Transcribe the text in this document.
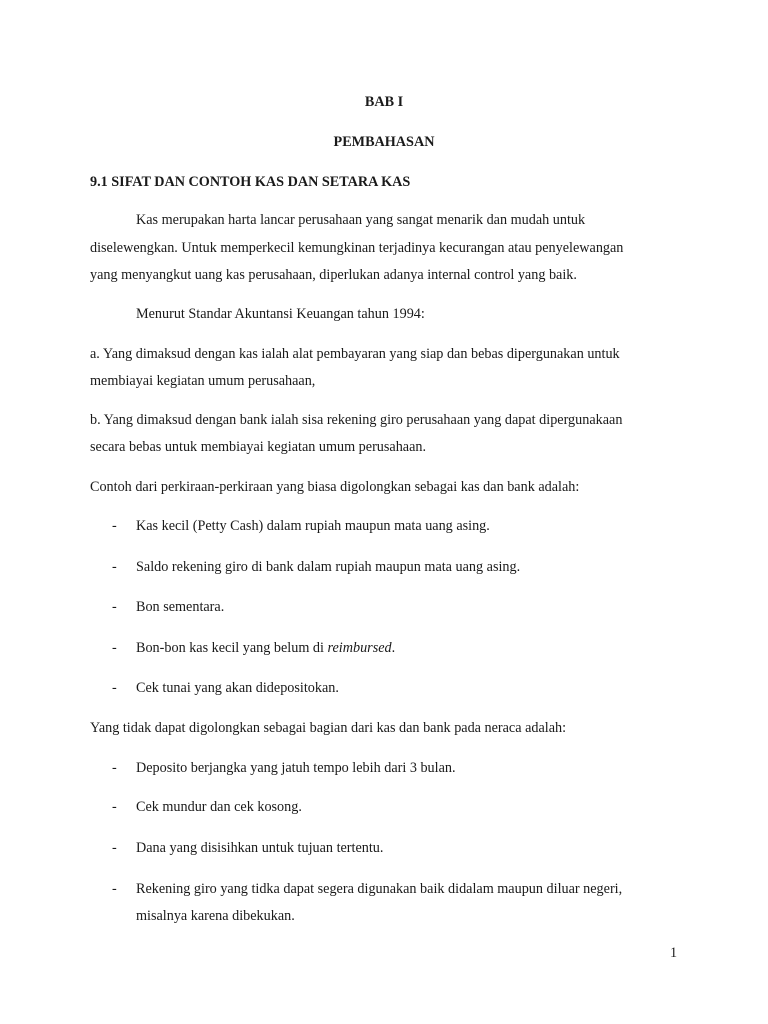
BAB I
PEMBAHASAN
9.1 SIFAT DAN CONTOH KAS DAN SETARA KAS
Kas merupakan harta lancar perusahaan yang sangat menarik dan mudah untuk
diselewengkan. Untuk memperkecil kemungkinan terjadinya kecurangan atau penyelewangan
yang menyangkut uang kas perusahaan, diperlukan adanya internal control yang baik.
Menurut Standar Akuntansi Keuangan tahun 1994:
a. Yang dimaksud dengan kas ialah alat pembayaran yang siap dan bebas dipergunakan untuk
membiayai kegiatan umum perusahaan,
b. Yang dimaksud dengan bank ialah sisa rekening giro perusahaan yang dapat dipergunakaan
secara bebas untuk membiayai kegiatan umum perusahaan.
Contoh dari perkiraan-perkiraan yang biasa digolongkan sebagai kas dan bank adalah:
- Kas kecil (Petty Cash) dalam rupiah maupun mata uang asing.
- Saldo rekening giro di bank dalam rupiah maupun mata uang asing.
- Bon sementara.
- Bon-bon kas kecil yang belum di reimbursed.
- Cek tunai yang akan didepositokan.
Yang tidak dapat digolongkan sebagai bagian dari kas dan bank pada neraca adalah:
- Deposito berjangka yang jatuh tempo lebih dari 3 bulan.
- Cek mundur dan cek kosong.
- Dana yang disisihkan untuk tujuan tertentu.
- Rekening giro yang tidka dapat segera digunakan baik didalam maupun diluar negeri,
misalnya karena dibekukan.
1
